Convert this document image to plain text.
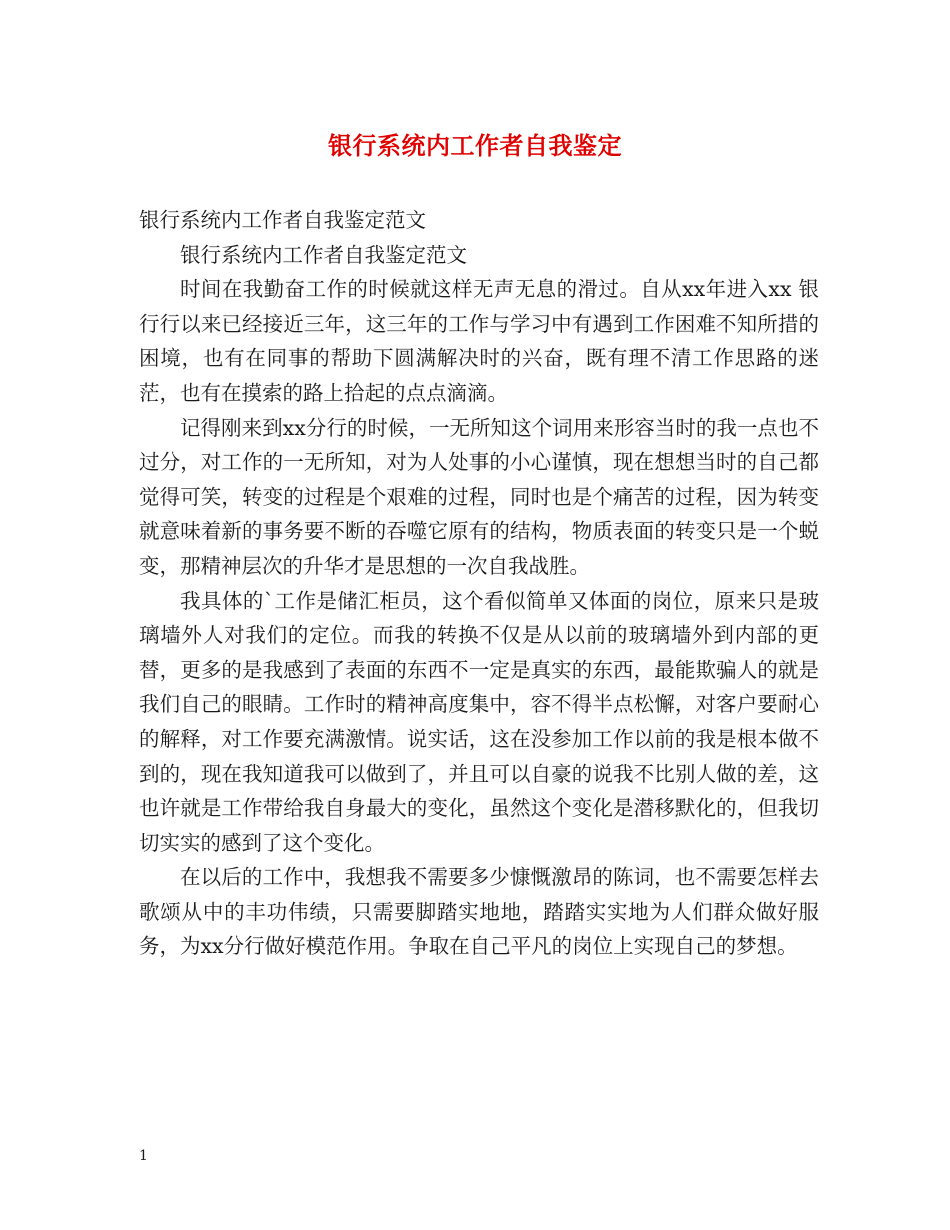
银行系统内工作者自我鉴定

银行系统内工作者自我鉴定范文

银行系统内工作者自我鉴定范文

时间在我勤奋工作的时候就这样无声无息的滑过。自从xx年进入xx 银行行以来已经接近三年，这三年的工作与学习中有遇到工作困难不知所措的困境，也有在同事的帮助下圆满解决时的兴奋，既有理不清工作思路的迷茫，也有在摸索的路上拾起的点点滴滴。

记得刚来到xx分行的时候，一无所知这个词用来形容当时的我一点也不过分，对工作的一无所知，对为人处事的小心谨慎，现在想想当时的自己都觉得可笑，转变的过程是个艰难的过程，同时也是个痛苦的过程，因为转变就意味着新的事务要不断的吞噬它原有的结构，物质表面的转变只是一个蜕变，那精神层次的升华才是思想的一次自我战胜。

我具体的`工作是储汇柜员，这个看似简单又体面的岗位，原来只是玻璃墙外人对我们的定位。而我的转换不仅是从以前的玻璃墙外到内部的更替，更多的是我感到了表面的东西不一定是真实的东西，最能欺骗人的就是我们自己的眼睛。工作时的精神高度集中，容不得半点松懈，对客户要耐心的解释，对工作要充满激情。说实话，这在没参加工作以前的我是根本做不到的，现在我知道我可以做到了，并且可以自豪的说我不比别人做的差，这也许就是工作带给我自身最大的变化，虽然这个变化是潜移默化的，但我切切实实的感到了这个变化。

在以后的工作中，我想我不需要多少慷慨激昂的陈词，也不需要怎样去歌颂从中的丰功伟绩，只需要脚踏实地地，踏踏实实地为人们群众做好服务，为xx分行做好模范作用。争取在自己平凡的岗位上实现自己的梦想。

1
